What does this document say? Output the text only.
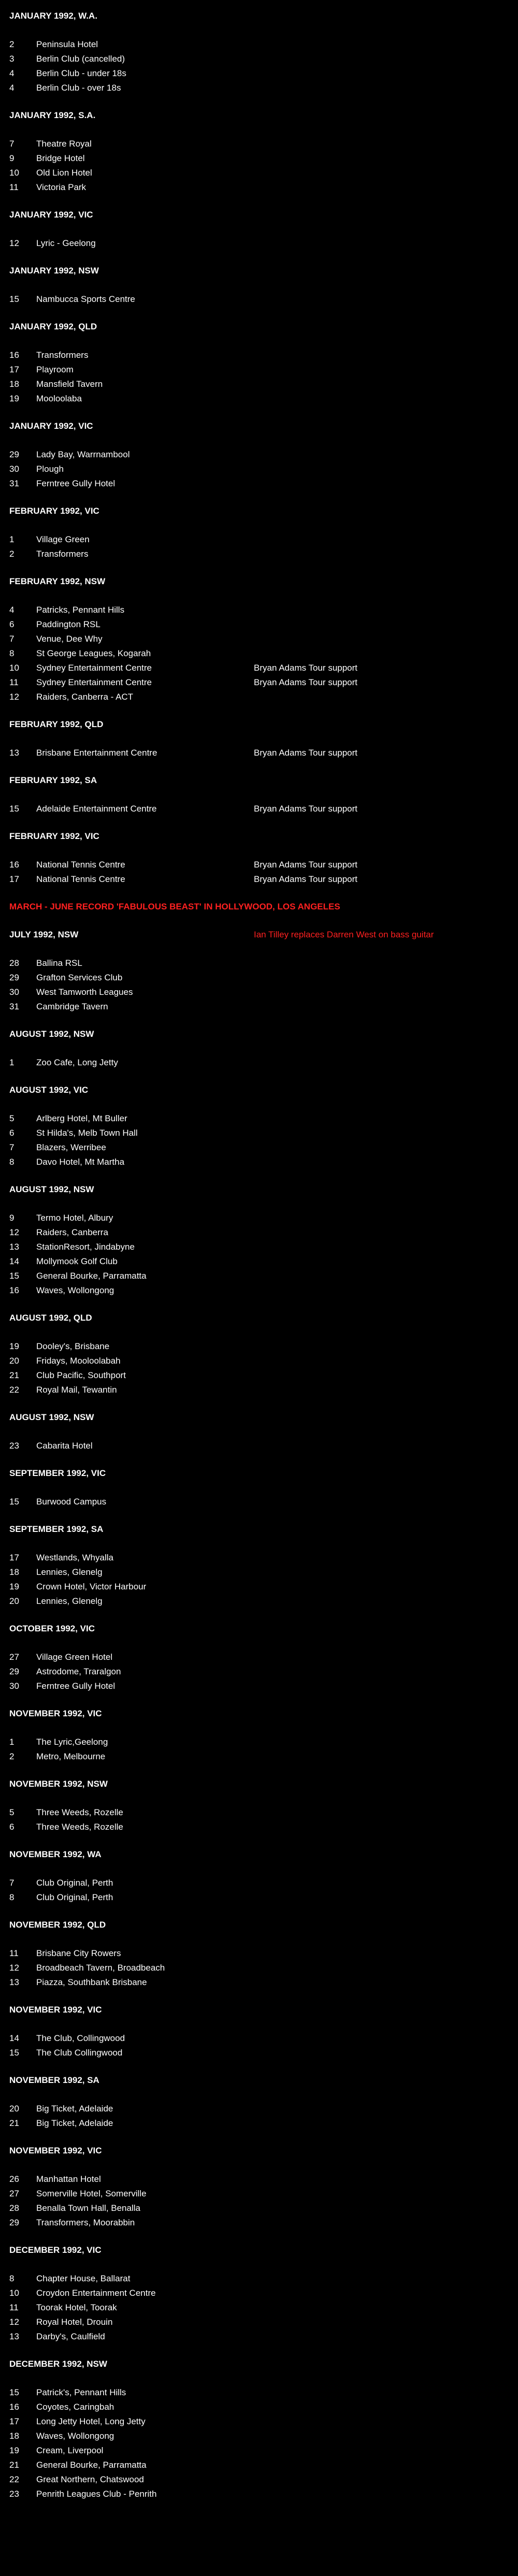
JANUARY 1992, W.A.
2	Peninsula Hotel
3	Berlin Club (cancelled)
4	Berlin Club - under 18s
4	Berlin Club - over 18s
JANUARY 1992, S.A.
7	Theatre Royal
9	Bridge Hotel
10	Old Lion Hotel
11	Victoria Park
JANUARY 1992, VIC
12	Lyric - Geelong
JANUARY 1992, NSW
15	Nambucca Sports Centre
JANUARY 1992, QLD
16	Transformers
17	Playroom
18	Mansfield Tavern
19	Mooloolaba
JANUARY 1992, VIC
29	Lady Bay, Warrnambool
30	Plough
31	Ferntree Gully Hotel
FEBRUARY 1992, VIC
1	Village Green
2	Transformers
FEBRUARY 1992, NSW
4	Patricks, Pennant Hills
6	Paddington RSL
7	Venue, Dee Why
8	St George Leagues, Kogarah
10	Sydney Entertainment Centre	Bryan Adams Tour support
11	Sydney Entertainment Centre	Bryan Adams Tour support
12	Raiders, Canberra - ACT
FEBRUARY 1992, QLD
13	Brisbane Entertainment Centre	Bryan Adams Tour support
FEBRUARY 1992, SA
15	Adelaide Entertainment Centre	Bryan Adams Tour support
FEBRUARY 1992, VIC
16	National Tennis Centre	Bryan Adams Tour support
17	National Tennis Centre	Bryan Adams Tour support
MARCH - JUNE RECORD 'FABULOUS BEAST' IN HOLLYWOOD, LOS ANGELES
JULY 1992, NSW	Ian Tilley replaces Darren West on bass guitar
28	Ballina RSL
29	Grafton Services Club
30	West Tamworth Leagues
31	Cambridge Tavern
AUGUST 1992, NSW
1	Zoo Cafe, Long Jetty
AUGUST 1992, VIC
5	Arlberg Hotel, Mt Buller
6	St Hilda's, Melb Town Hall
7	Blazers, Werribee
8	Davo Hotel, Mt Martha
AUGUST 1992, NSW
9	Termo Hotel, Albury
12	Raiders, Canberra
13	StationResort, Jindabyne
14	Mollymook Golf Club
15	General Bourke, Parramatta
16	Waves, Wollongong
AUGUST 1992, QLD
19	Dooley's, Brisbane
20	Fridays, Mooloolabah
21	Club Pacific, Southport
22	Royal Mail, Tewantin
AUGUST 1992, NSW
23	Cabarita Hotel
SEPTEMBER 1992, VIC
15	Burwood Campus
SEPTEMBER 1992, SA
17	Westlands, Whyalla
18	Lennies, Glenelg
19	Crown Hotel, Victor Harbour
20	Lennies, Glenelg
OCTOBER 1992, VIC
27	Village Green Hotel
29	Astrodome, Traralgon
30	Ferntree Gully Hotel
NOVEMBER 1992, VIC
1	The Lyric,Geelong
2	Metro, Melbourne
NOVEMBER 1992, NSW
5	Three Weeds, Rozelle
6	Three Weeds, Rozelle
NOVEMBER 1992, WA
7	Club Original, Perth
8	Club Original, Perth
NOVEMBER 1992, QLD
11	Brisbane City Rowers
12	Broadbeach Tavern, Broadbeach
13	Piazza, Southbank Brisbane
NOVEMBER 1992, VIC
14	The Club, Collingwood
15	The Club Collingwood
NOVEMBER 1992, SA
20	Big Ticket, Adelaide
21	Big Ticket, Adelaide
NOVEMBER 1992, VIC
26	Manhattan Hotel
27	Somerville Hotel, Somerville
28	Benalla Town Hall, Benalla
29	Transformers, Moorabbin
DECEMBER 1992, VIC
8	Chapter House, Ballarat
10	Croydon Entertainment Centre
11	Toorak Hotel, Toorak
12	Royal Hotel, Drouin
13	Darby's, Caulfield
DECEMBER 1992, NSW
15	Patrick's, Pennant Hills
16	Coyotes, Caringbah
17	Long Jetty Hotel, Long Jetty
18	Waves, Wollongong
19	Cream, Liverpool
21	General Bourke, Parramatta
22	Great Northern, Chatswood
23	Penrith Leagues Club - Penrith
